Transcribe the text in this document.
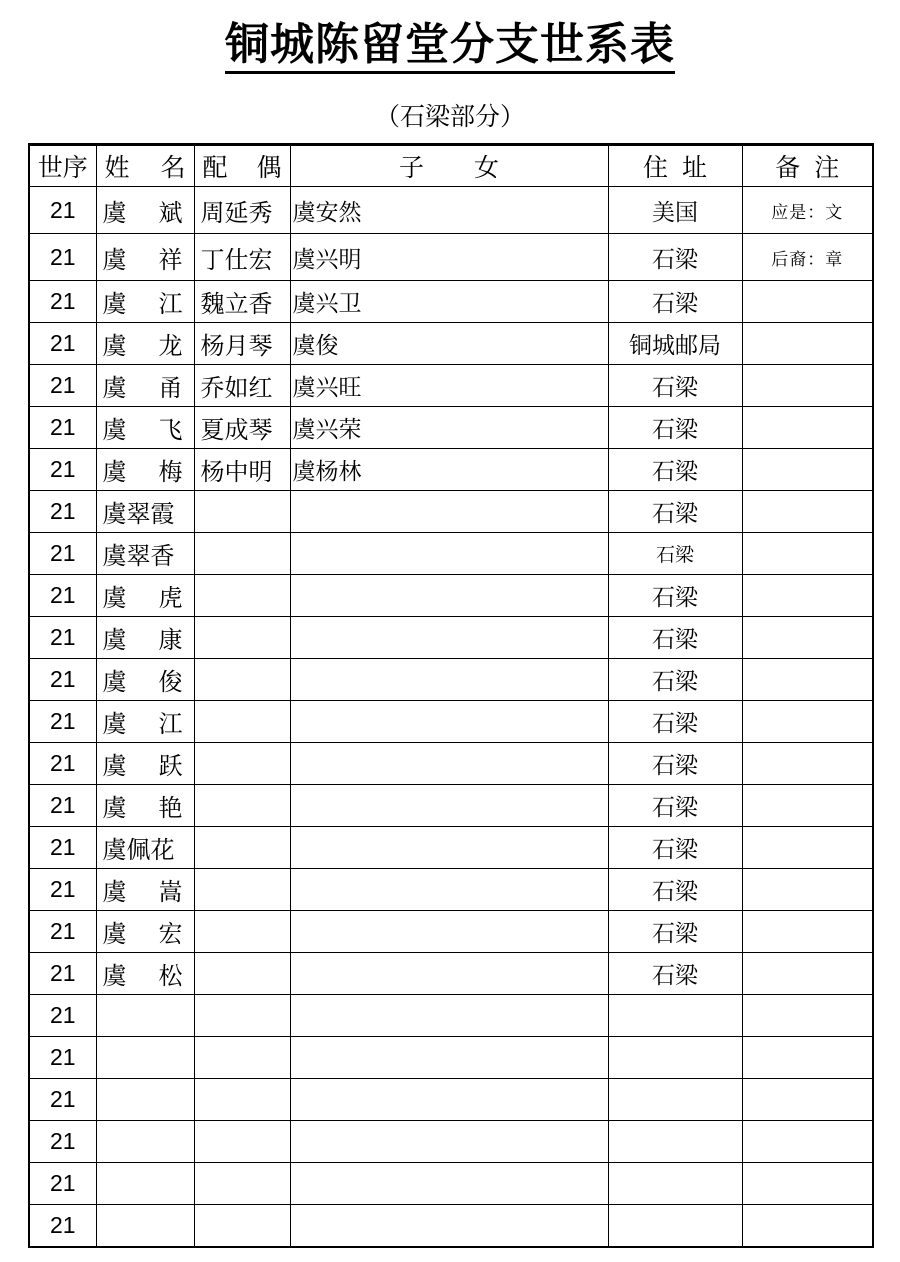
铜城陈留堂分支世系表
（石梁部分）
世序	姓 名	配 偶	子 女	住 址	备 注
21	虞 斌	周延秀	虞安然	美国	应是：文
21	虞 祥	丁仕宏	虞兴明	石梁	后裔：章
21	虞 江	魏立香	虞兴卫	石梁	
21	虞 龙	杨月琴	虞俊	铜城邮局	
21	虞 甬	乔如红	虞兴旺	石梁	
21	虞 飞	夏成琴	虞兴荣	石梁	
21	虞 梅	杨中明	虞杨林	石梁	
21	虞翠霞			石梁	
21	虞翠香			石梁	
21	虞 虎			石梁	
21	虞 康			石梁	
21	虞 俊			石梁	
21	虞 江			石梁	
21	虞 跃			石梁	
21	虞 艳			石梁	
21	虞佩花			石梁	
21	虞 嵩			石梁	
21	虞 宏			石梁	
21	虞 松			石梁	
21	

21	

21	

21	

21	

21	
